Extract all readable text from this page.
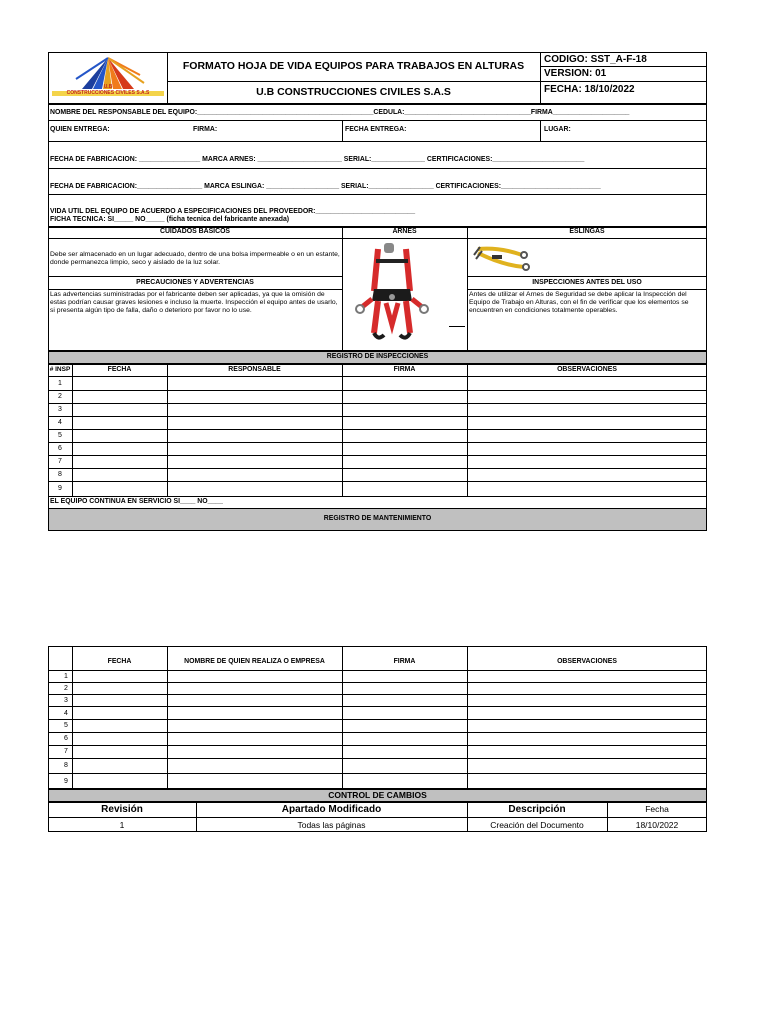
U.B
CONSTRUCCIONES CIVILES S.A.S
FORMATO HOJA DE VIDA EQUIPOS PARA TRABAJOS EN ALTURAS
U.B CONSTRUCCIONES CIVILES S.A.S
CODIGO: SST_A-F-18
VERSION: 01
FECHA: 18/10/2022
NOMBRE DEL RESPONSABLE DEL EQUIPO:______________________________________________CEDULA:_________________________________FIRMA____________________
QUIEN ENTREGA:	FIRMA:	FECHA ENTREGA:	LUGAR:
FECHA DE FABRICACION: ________________ MARCA ARNES: ______________________ SERIAL:______________ CERTIFICACIONES:________________________
FECHA DE FABRICACION:_________________ MARCA ESLINGA: ___________________ SERIAL:_________________ CERTIFICACIONES:__________________________
VIDA UTIL DEL EQUIPO DE ACUERDO A ESPECIFICACIONES DEL PROVEEDOR:__________________________
FICHA TECNICA: SI_____ NO_____ (ficha tecnica del fabricante anexada)
CUIDADOS BÁSICOS
Debe ser almacenado en un lugar adecuado, dentro de una bolsa impermeable o en un estante, donde permanezca limpio, seco y aislado de la luz solar.
ARNES	ESLINGAS
PRECAUCIONES Y ADVERTENCIAS
Las advertencias suministradas por el fabricante deben ser aplicadas, ya que la omisión de estas podrían causar graves lesiones e incluso la muerte. Inspección el equipo antes de usarlo, si presenta algún tipo de falla, daño o deterioro por favor no lo use.
INSPECCIONES ANTES DEL USO
Antes de utilizar el Arnes de Seguridad se debe aplicar la Inspección del Equipo de Trabajo en Alturas, con el fin de verificar que los elementos se encuentren en condiciones totalmente operables.
REGISTRO DE INSPECCIONES
# INSP	FECHA	RESPONSABLE	FIRMA	OBSERVACIONES
1
2
3
4
5
6
7
8
9
EL EQUIPO CONTINUA EN SERVICIO SI____ NO____
REGISTRO DE MANTENIMIENTO
FECHA	NOMBRE DE QUIEN REALIZA O EMPRESA	FIRMA	OBSERVACIONES
1
2
3
4
5
6
7
8
9
CONTROL DE CAMBIOS
Revisión	Apartado Modificado	Descripción	Fecha
1	Todas las páginas	Creación del Documento	18/10/2022
